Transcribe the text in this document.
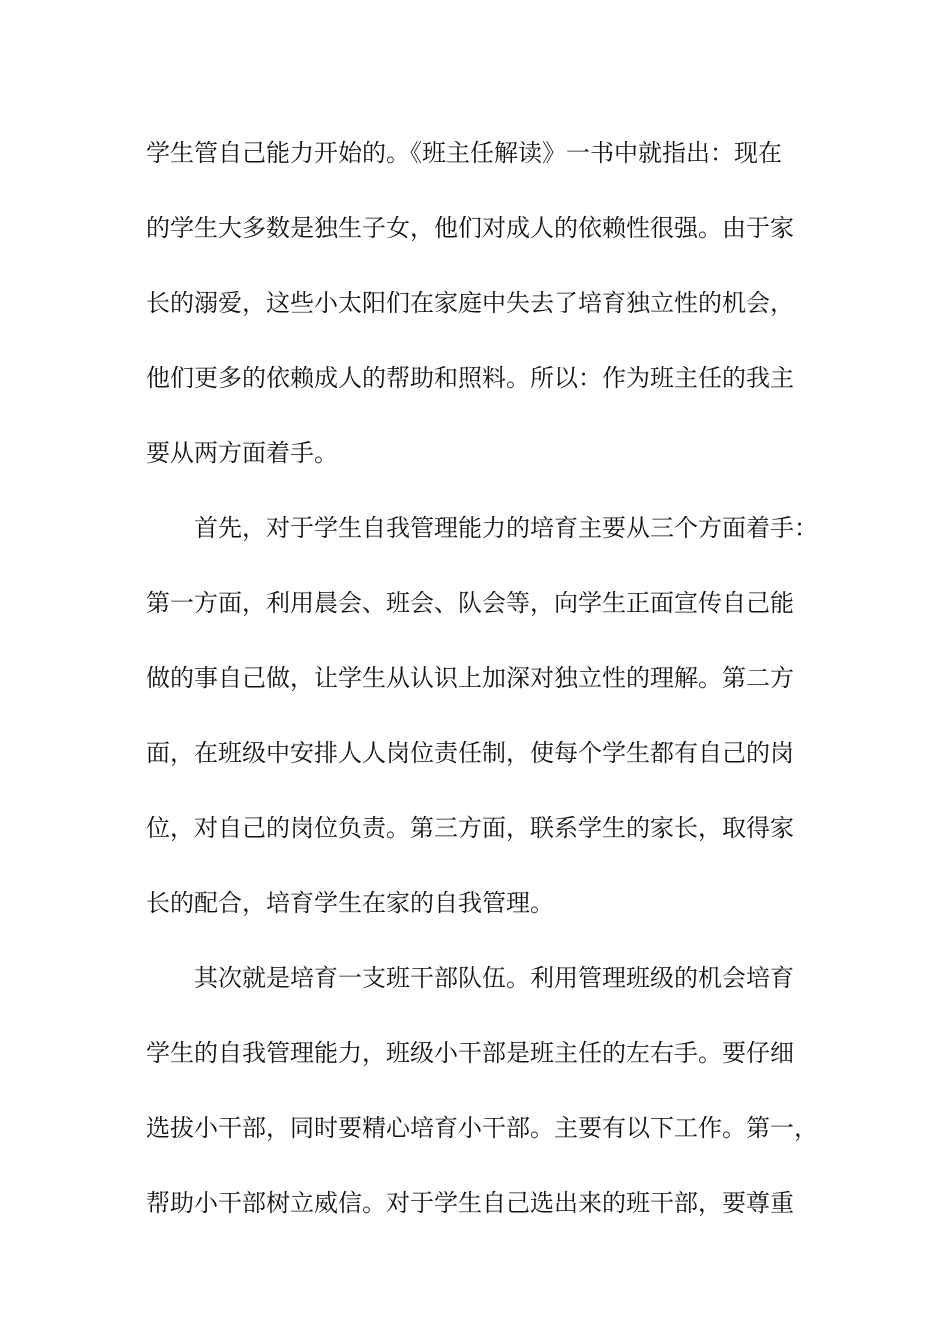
学生管自己能力开始的。《班主任解读》一书中就指出：现在
的学生大多数是独生子女，他们对成人的依赖性很强。由于家
长的溺爱，这些小太阳们在家庭中失去了培育独立性的机会，
他们更多的依赖成人的帮助和照料。所以：作为班主任的我主
要从两方面着手。
首先，对于学生自我管理能力的培育主要从三个方面着手：
第一方面，利用晨会、班会、队会等，向学生正面宣传自己能
做的事自己做，让学生从认识上加深对独立性的理解。第二方
面，在班级中安排人人岗位责任制，使每个学生都有自己的岗
位，对自己的岗位负责。第三方面，联系学生的家长，取得家
长的配合，培育学生在家的自我管理。
其次就是培育一支班干部队伍。利用管理班级的机会培育
学生的自我管理能力，班级小干部是班主任的左右手。要仔细
选拔小干部，同时要精心培育小干部。主要有以下工作。第一，
帮助小干部树立威信。对于学生自己选出来的班干部，要尊重
